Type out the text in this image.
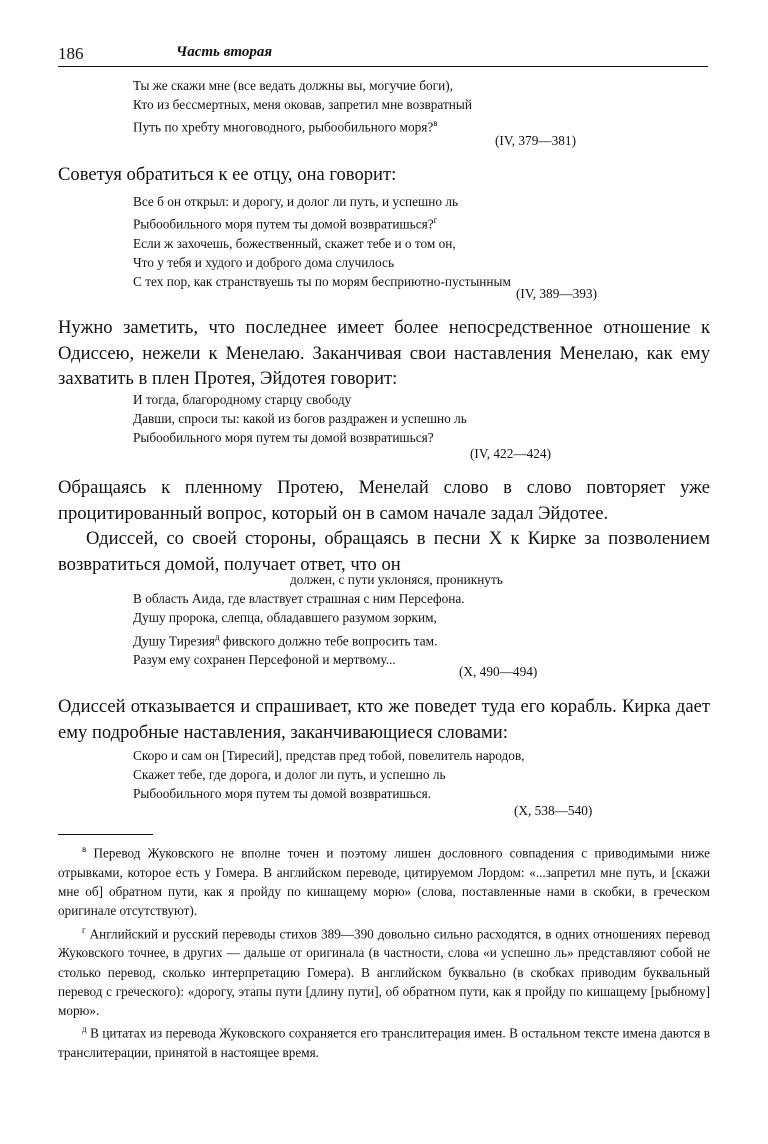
186	Часть вторая
Ты же скажи мне (все ведать должны вы, могучие боги),
Кто из бессмертных, меня оковав, запретил мне возвратный
Путь по хребту многоводного, рыбообильного моря?$^в$
(IV, 379—381)

Советуя обратиться к ее отцу, она говорит:

Все б он открыл: и дорогу, и долог ли путь, и успешно ль
Рыбообильного моря путем ты домой возвратишься?$^г$
Если ж захочешь, божественный, скажет тебе и о том он,
Что у тебя и худого и доброго дома случилось
С тех пор, как странствуешь ты по морям бесприютно-пустынным
(IV, 389—393)

Нужно заметить, что последнее имеет более непосредственное отношение к Одиссею, нежели к Менелаю. Заканчивая свои наставления Менелаю, как ему захватить в плен Протея, Эйдотея говорит:

И тогда, благородному старцу свободу
Давши, спроси ты: какой из богов раздражен и успешно ль
Рыбообильного моря путем ты домой возвратишься?
(IV, 422—424)

Обращаясь к пленному Протею, Менелай слово в слово повторяет уже процитированный вопрос, который он в самом начале задал Эйдотее.

Одиссей, со своей стороны, обращаясь в песни X к Кирке за позволением возвратиться домой, получает ответ, что он

должен, с пути уклоняся, проникнуть
В область Аида, где властвует страшная с ним Персефона.
Душу пророка, слепца, обладавшего разумом зорким,
Душу Тирезия$^д$ фивского должно тебе вопросить там.
Разум ему сохранен Персефоной и мертвому...
(X, 490—494)

Одиссей отказывается и спрашивает, кто же поведет туда его корабль. Кирка дает ему подробные наставления, заканчивающиеся словами:

Скоро и сам он [Тиресий], представ пред тобой, повелитель народов,
Скажет тебе, где дорога, и долог ли путь, и успешно ль
Рыбообильного моря путем ты домой возвратишься.
(X, 538—540)

$^в$ Перевод Жуковского не вполне точен и поэтому лишен дословного совпадения с приводимыми ниже отрывками, которое есть у Гомера. В английском переводе, цитируемом Лордом: «...запретил мне путь, и [скажи мне об] обратном пути, как я пройду по кишащему морю» (слова, поставленные нами в скобки, в греческом оригинале отсутствуют).

$^г$ Английский и русский переводы стихов 389—390 довольно сильно расходятся, в одних отношениях перевод Жуковского точнее, в других — дальше от оригинала (в частности, слова «и успешно ль» представляют собой не столько перевод, сколько интерпретацию Гомера). В английском буквально (в скобках приводим буквальный перевод с греческого): «дорогу, этапы пути [длину пути], об обратном пути, как я пройду по кишащему [рыбному] морю».

$^д$ В цитатах из перевода Жуковского сохраняется его транслитерация имен. В остальном тексте имена даются в транслитерации, принятой в настоящее время.
